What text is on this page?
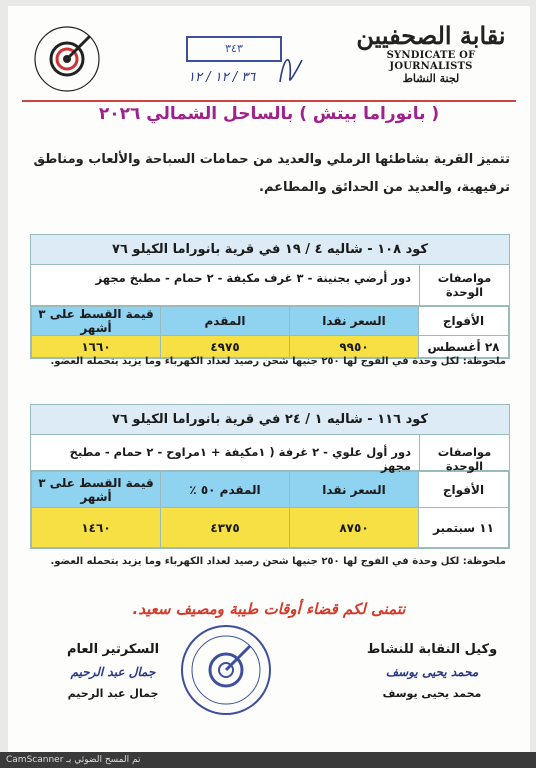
نقابة الصحفيين
SYNDICATE OF JOURNALISTS
لجنة النشاط
٣٤٣
٣٦ / ١٢ / ١٢
( بانوراما بيتش ) بالساحل الشمالي ٢٠٢٦
تتميز القرية بشاطئها الرملي والعديد من حمامات السباحة والألعاب ومناطق ترفيهية، والعديد من الحدائق والمطاعم.
كود ١٠٨ - شاليه ٤ / ١٩ في قرية بانوراما الكيلو ٧٦
مواصفات الوحدة
دور أرضي بجنينة - ٣ غرف مكيفة - ٢ حمام - مطبخ مجهز
الأفواج	السعر نقدا	المقدم	قيمة القسط على ٣ أشهر
٢٨ أغسطس	٩٩٥٠	٤٩٧٥	١٦٦٠
ملحوظة: لكل وحدة في الفوج لها ٢٥٠ جنيها شحن رصيد لعداد الكهرباء وما يزيد يتحمله العضو.
كود ١١٦ - شاليه ١ / ٢٤ في قرية بانوراما الكيلو ٧٦
مواصفات الوحدة
دور أول علوي - ٢ غرفة ( ١مكيفة + ١مراوح - ٢ حمام - مطبخ مجهز
الأفواج	السعر نقدا	المقدم ٥٠ ٪	قيمة القسط على ٣ أشهر
١١ سبتمبر	٨٧٥٠	٤٣٧٥	١٤٦٠
ملحوظة: لكل وحدة في الفوج لها ٢٥٠ جنيها شحن رصيد لعداد الكهرباء وما يزيد يتحمله العضو.
نتمنى لكم قضاء أوقات طيبة ومصيف سعيد.
وكيل النقابة للنشاط
محمد يحيى يوسف
محمد يحيى يوسف
السكرتير العام
جمال عبد الرحيم
جمال عبد الرحيم
CamScanner تم المسح الضوئي بـ
